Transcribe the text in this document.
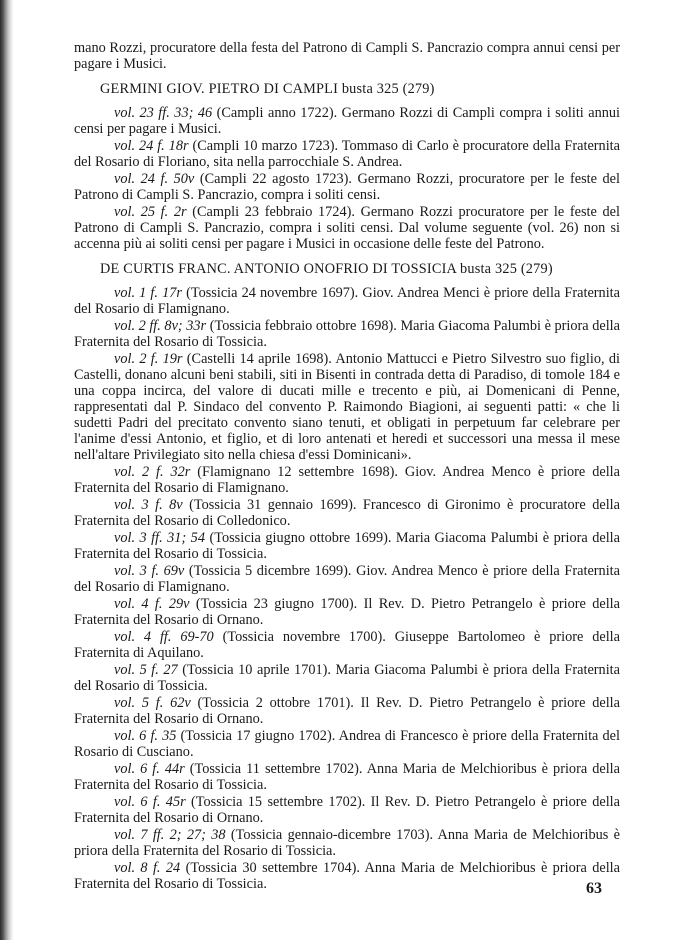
mano Rozzi, procuratore della festa del Patrono di Campli S. Pancrazio compra annui censi per pagare i Musici.

GERMINI GIOV. PIETRO DI CAMPLI busta 325 (279)

vol. 23 ff. 33; 46 (Campli anno 1722). Germano Rozzi di Campli compra i soliti annui censi per pagare i Musici.

vol. 24 f. 18r (Campli 10 marzo 1723). Tommaso di Carlo è procuratore della Fraternita del Rosario di Floriano, sita nella parrocchiale S. Andrea.

vol. 24 f. 50v (Campli 22 agosto 1723). Germano Rozzi, procuratore per le feste del Patrono di Campli S. Pancrazio, compra i soliti censi.

vol. 25 f. 2r (Campli 23 febbraio 1724). Germano Rozzi procuratore per le feste del Patrono di Campli S. Pancrazio, compra i soliti censi. Dal volume seguente (vol. 26) non si accenna più ai soliti censi per pagare i Musici in occasione delle feste del Patrono.

DE CURTIS FRANC. ANTONIO ONOFRIO DI TOSSICIA busta 325 (279)

vol. 1 f. 17r (Tossicia 24 novembre 1697). Giov. Andrea Menci è priore della Fraternita del Rosario di Flamignano.

vol. 2 ff. 8v; 33r (Tossicia febbraio ottobre 1698). Maria Giacoma Palumbi è priora della Fraternita del Rosario di Tossicia.

vol. 2 f. 19r (Castelli 14 aprile 1698). Antonio Mattucci e Pietro Silvestro suo figlio, di Castelli, donano alcuni beni stabili, siti in Bisenti in contrada detta di Paradiso, di tomole 184 e una coppa incirca, del valore di ducati mille e trecento e più, ai Domenicani di Penne, rappresentati dal P. Sindaco del convento P. Raimondo Biagioni, ai seguenti patti: « che li sudetti Padri del precitato convento siano tenuti, et obligati in perpetuum far celebrare per l'anime d'essi Antonio, et figlio, et di loro antenati et heredi et successori una messa il mese nell'altare Privilegiato sito nella chiesa d'essi Dominicani».

vol. 2 f. 32r (Flamignano 12 settembre 1698). Giov. Andrea Menco è priore della Fraternita del Rosario di Flamignano.

vol. 3 f. 8v (Tossicia 31 gennaio 1699). Francesco di Gironimo è procuratore della Fraternita del Rosario di Colledonico.

vol. 3 ff. 31; 54 (Tossicia giugno ottobre 1699). Maria Giacoma Palumbi è priora della Fraternita del Rosario di Tossicia.

vol. 3 f. 69v (Tossicia 5 dicembre 1699). Giov. Andrea Menco è priore della Fraternita del Rosario di Flamignano.

vol. 4 f. 29v (Tossicia 23 giugno 1700). Il Rev. D. Pietro Petrangelo è priore della Fraternita del Rosario di Ornano.

vol. 4 ff. 69-70 (Tossicia novembre 1700). Giuseppe Bartolomeo è priore della Fraternita di Aquilano.

vol. 5 f. 27 (Tossicia 10 aprile 1701). Maria Giacoma Palumbi è priora della Fraternita del Rosario di Tossicia.

vol. 5 f. 62v (Tossicia 2 ottobre 1701). Il Rev. D. Pietro Petrangelo è priore della Fraternita del Rosario di Ornano.

vol. 6 f. 35 (Tossicia 17 giugno 1702). Andrea di Francesco è priore della Fraternita del Rosario di Cusciano.

vol. 6 f. 44r (Tossicia 11 settembre 1702). Anna Maria de Melchioribus è priora della Fraternita del Rosario di Tossicia.

vol. 6 f. 45r (Tossicia 15 settembre 1702). Il Rev. D. Pietro Petrangelo è priore della Fraternita del Rosario di Ornano.

vol. 7 ff. 2; 27; 38 (Tossicia gennaio-dicembre 1703). Anna Maria de Melchioribus è priora della Fraternita del Rosario di Tossicia.

vol. 8 f. 24 (Tossicia 30 settembre 1704). Anna Maria de Melchioribus è priora della Fraternita del Rosario di Tossicia.	63
